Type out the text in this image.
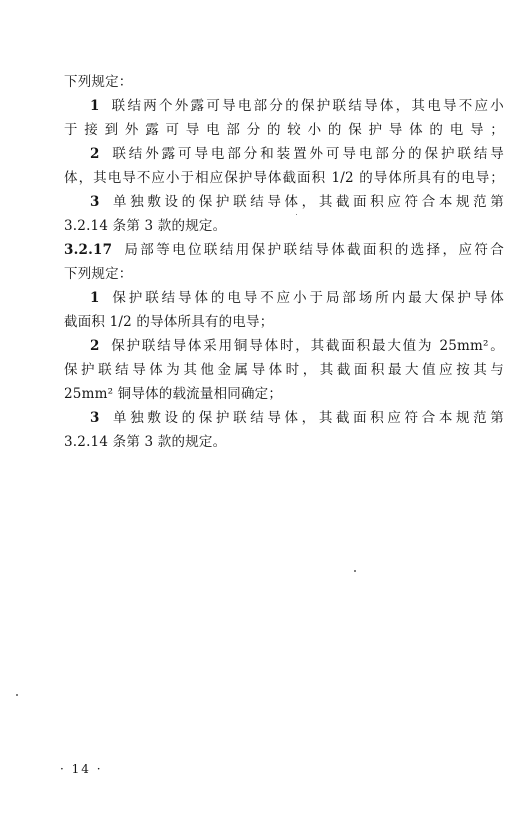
下列规定：
1 联结两个外露可导电部分的保护联结导体，其电导不应小
于接到外露可导电部分的较小的保护导体的电导；
2 联结外露可导电部分和装置外可导电部分的保护联结导
体，其电导不应小于相应保护导体截面积 1/2 的导体所具有的电导；
3 单独敷设的保护联结导体，其截面积应符合本规范第
3.2.14 条第 3 款的规定。
3.2.17 局部等电位联结用保护联结导体截面积的选择，应符合
下列规定：
1 保护联结导体的电导不应小于局部场所内最大保护导体
截面积 1/2 的导体所具有的电导；
2 保护联结导体采用铜导体时，其截面积最大值为 25mm²。
保护联结导体为其他金属导体时，其截面积最大值应按其与
25mm² 铜导体的载流量相同确定；
3 单独敷设的保护联结导体，其截面积应符合本规范第
3.2.14 条第 3 款的规定。
· 14 ·
